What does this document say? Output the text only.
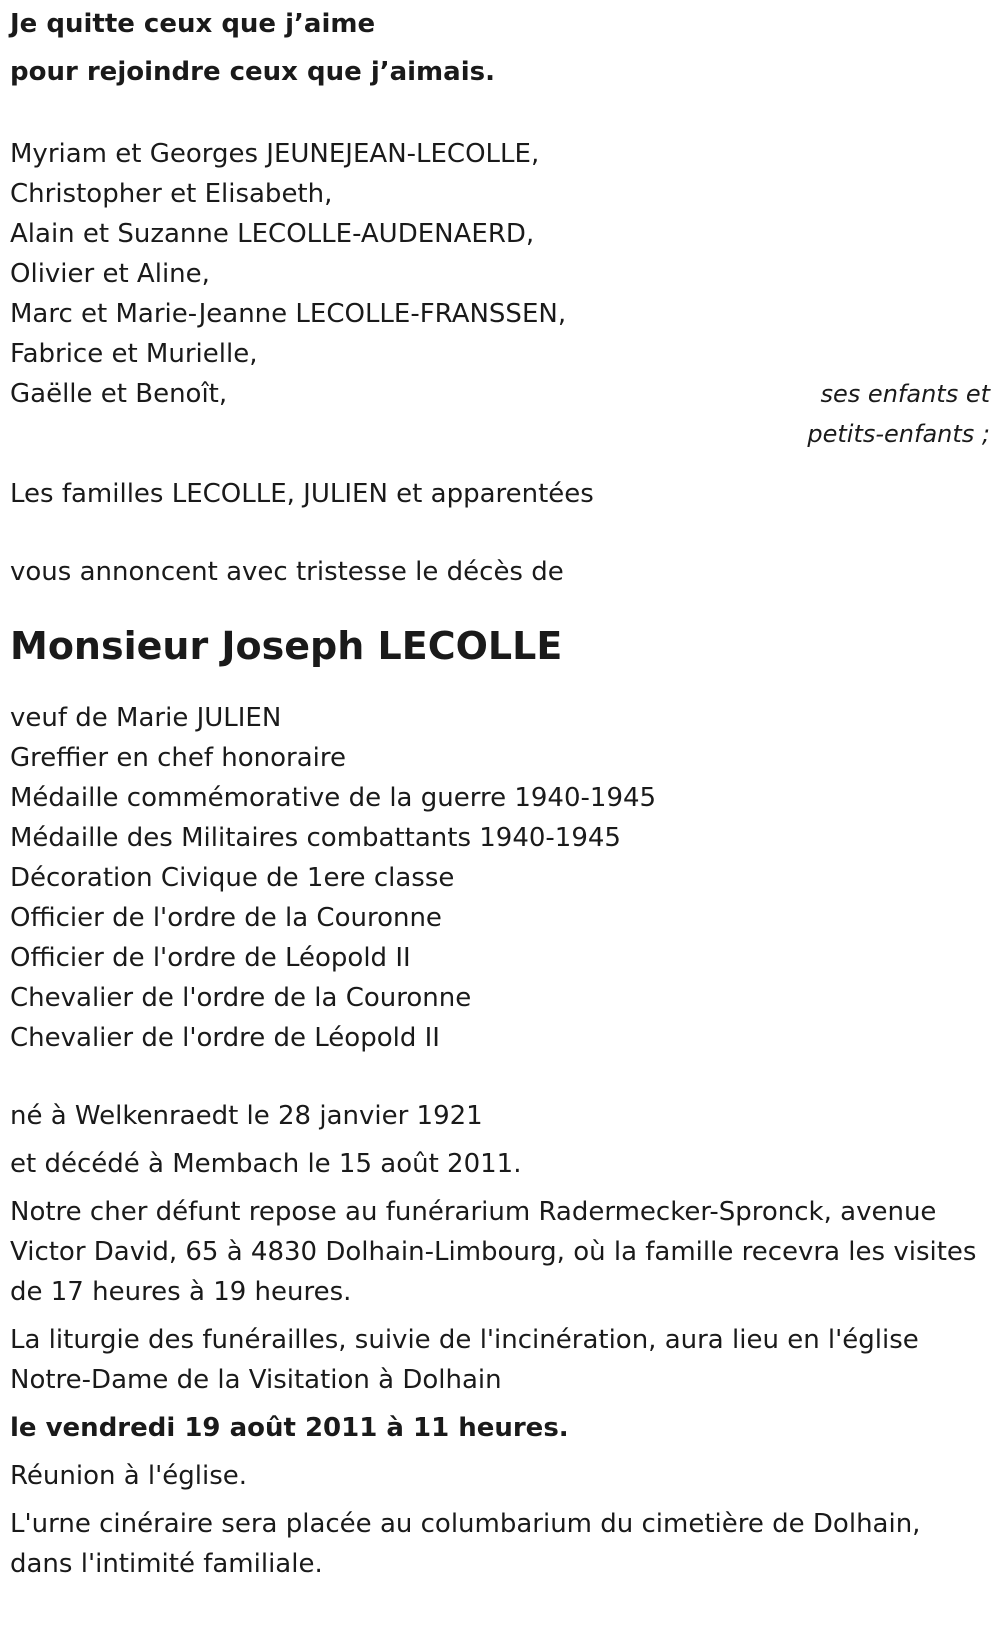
Je quitte ceux que j’aime
pour rejoindre ceux que j’aimais.
Myriam et Georges JEUNEJEAN-LECOLLE,
Christopher et Elisabeth,
Alain et Suzanne LECOLLE-AUDENAERD,
Olivier et Aline,
Marc et Marie-Jeanne LECOLLE-FRANSSEN,
Fabrice et Murielle,
Gaëlle et Benoît,	ses enfants et
petits-enfants ;
Les familles LECOLLE, JULIEN et apparentées
vous annoncent avec tristesse le décès de
Monsieur Joseph LECOLLE
veuf de Marie JULIEN
Greffier en chef honoraire
Médaille commémorative de la guerre 1940-1945
Médaille des Militaires combattants 1940-1945
Décoration Civique de 1ere classe
Officier de l'ordre de la Couronne
Officier de l'ordre de Léopold II
Chevalier de l'ordre de la Couronne
Chevalier de l'ordre de Léopold II
né à Welkenraedt le 28 janvier 1921
et décédé à Membach le 15 août 2011.
Notre cher défunt repose au funérarium Radermecker-Spronck, avenue Victor David, 65 à 4830 Dolhain-Limbourg, où la famille recevra les visites de 17 heures à 19 heures.
La liturgie des funérailles, suivie de l'incinération, aura lieu en l'église Notre-Dame de la Visitation à Dolhain
le vendredi 19 août 2011 à 11 heures.
Réunion à l'église.
L'urne cinéraire sera placée au columbarium du cimetière de Dolhain, dans l'intimité familiale.
